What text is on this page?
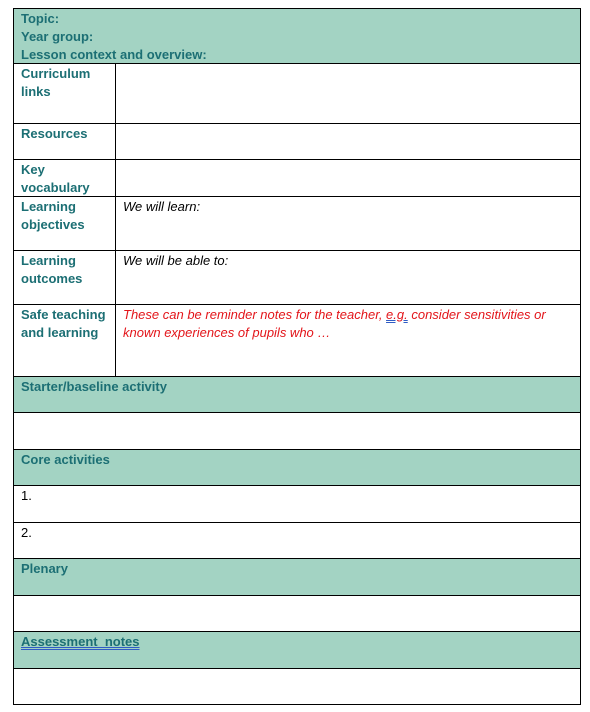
Topic:
Year group:
Lesson context and overview:
Curriculum links
Resources
Key vocabulary
Learning objectives
We will learn:
Learning outcomes
We will be able to:
Safe teaching and learning
These can be reminder notes for the teacher, e.g. consider sensitivities or known experiences of pupils who …
Starter/baseline activity
Core activities
1.
2.
Plenary
Assessment  notes
